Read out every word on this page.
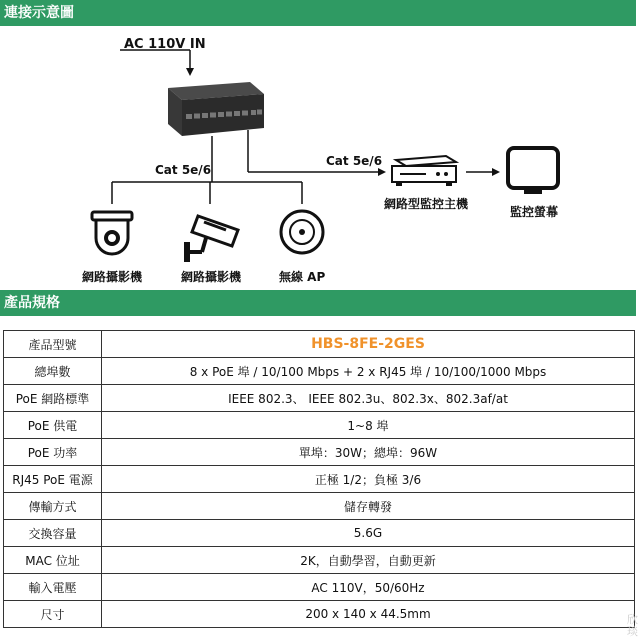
連接示意圖
AC 110V IN
Cat 5e/6
Cat 5e/6
網路型監控主機
監控螢幕
網路攝影機	網路攝影機	無線 AP
產品規格
產品型號	HBS-8FE-2GES
總埠數	8 x PoE 埠 / 10/100 Mbps + 2 x RJ45 埠 / 10/100/1000 Mbps
PoE 網路標準	IEEE 802.3、 IEEE 802.3u、802.3x、802.3af/at
PoE 供電	1~8 埠
PoE 功率	單埠：30W；總埠：96W
RJ45 PoE 電源	正極 1/2；負極 3/6
傳輸方式	儲存轉發
交換容量	5.6G
MAC 位址	2K，自動學習，自動更新
輸入電壓	AC 110V，50/60Hz
尺寸	200 x 140 x 44.5mm	欣
琰
